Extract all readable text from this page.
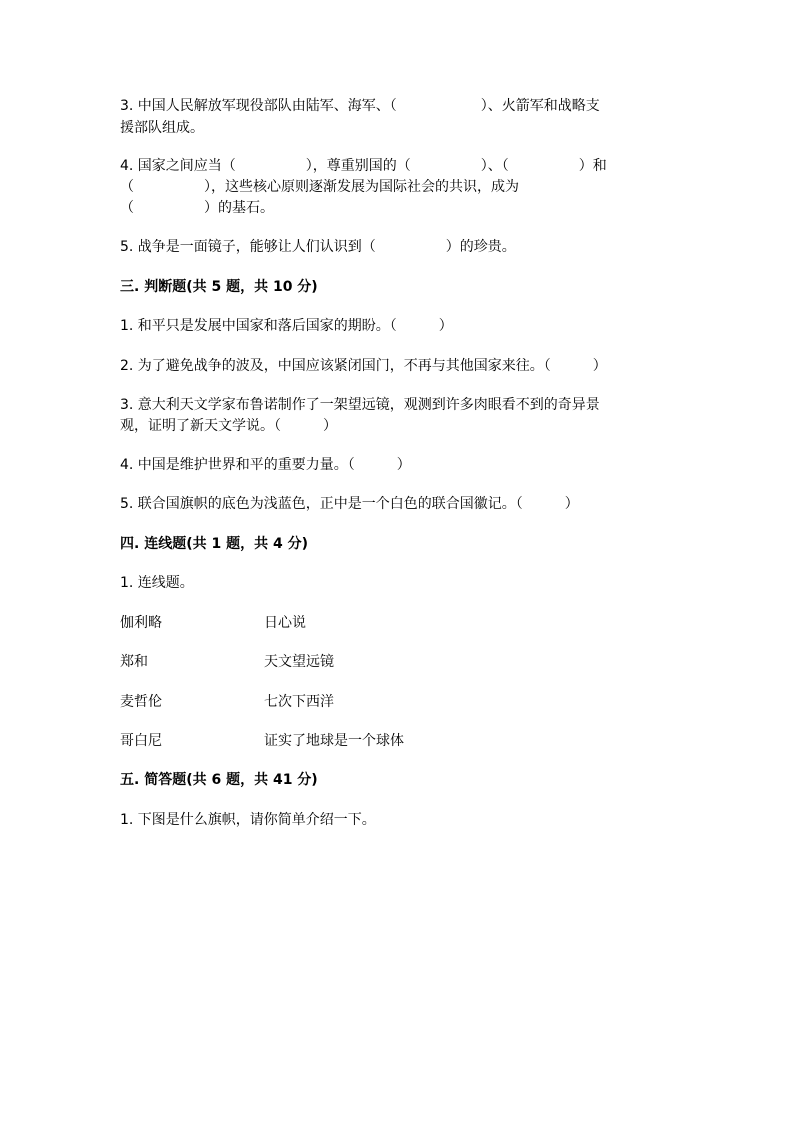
3. 中国人民解放军现役部队由陆军、海军、（　　　　　　）、火箭军和战略支
援部队组成。
4. 国家之间应当（　　　　　），尊重别国的（　　　　　）、（　　　　　）和
（　　　　　），这些核心原则逐渐发展为国际社会的共识，成为
（　　　　　）的基石。
5. 战争是一面镜子，能够让人们认识到（　　　　　）的珍贵。
三. 判断题(共 5 题，共 10 分)
1. 和平只是发展中国家和落后国家的期盼。（　　　）
2. 为了避免战争的波及，中国应该紧闭国门，不再与其他国家来往。（　　　）
3. 意大利天文学家布鲁诺制作了一架望远镜，观测到许多肉眼看不到的奇异景
观，证明了新天文学说。（　　　）
4. 中国是维护世界和平的重要力量。（　　　）
5. 联合国旗帜的底色为浅蓝色，正中是一个白色的联合国徽记。（　　　）
四. 连线题(共 1 题，共 4 分)
1. 连线题。
伽利略	日心说
郑和	天文望远镜
麦哲伦	七次下西洋
哥白尼	证实了地球是一个球体
五. 简答题(共 6 题，共 41 分)
1. 下图是什么旗帜，请你简单介绍一下。
